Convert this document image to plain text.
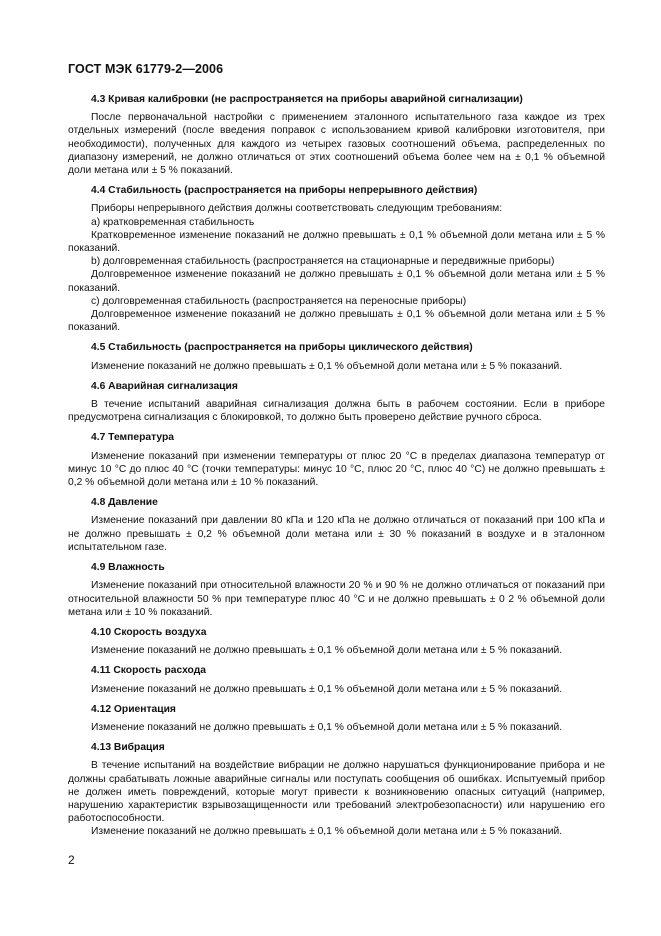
ГОСТ МЭК 61779-2—2006
4.3 Кривая калибровки (не распространяется на приборы аварийной сигнализации)
После первоначальной настройки с применением эталонного испытательного газа каждое из трех отдельных измерений (после введения поправок с использованием кривой калибровки изготовителя, при необходимости), полученных для каждого из четырех газовых соотношений объема, распределенных по диапазону измерений, не должно отличаться от этих соотношений объема более чем на ± 0,1 % объемной доли метана или ± 5 % показаний.
4.4 Стабильность (распространяется на приборы непрерывного действия)
Приборы непрерывного действия должны соответствовать следующим требованиям:
а) кратковременная стабильность
Кратковременное изменение показаний не должно превышать ± 0,1 % объемной доли метана или ± 5 % показаний.
b) долговременная стабильность (распространяется на стационарные и передвижные приборы)
Долговременное изменение показаний не должно превышать ± 0,1 % объемной доли метана или ± 5 % показаний.
c) долговременная стабильность (распространяется на переносные приборы)
Долговременное изменение показаний не должно превышать ± 0,1 % объемной доли метана или ± 5 % показаний.
4.5 Стабильность (распространяется на приборы циклического действия)
Изменение показаний не должно превышать ± 0,1 % объемной доли метана или ± 5 % показаний.
4.6 Аварийная сигнализация
В течение испытаний аварийная сигнализация должна быть в рабочем состоянии. Если в приборе предусмотрена сигнализация с блокировкой, то должно быть проверено действие ручного сброса.
4.7 Температура
Изменение показаний при изменении температуры от плюс 20 °С в пределах диапазона температур от минус 10 °С до плюс 40 °С (точки температуры: минус 10 °С, плюс 20 °С, плюс 40 °С) не должно превышать ± 0,2 % объемной доли метана или ± 10 % показаний.
4.8 Давление
Изменение показаний при давлении 80 кПа и 120 кПа не должно отличаться от показаний при 100 кПа и не должно превышать ± 0,2 % объемной доли метана или ± 30 % показаний в воздухе и в эталонном испытательном газе.
4.9 Влажность
Изменение показаний при относительной влажности 20 % и 90 % не должно отличаться от показаний при относительной влажности 50 % при температуре плюс 40 °С и не должно превышать ± 0 2 % объемной доли метана или ± 10 % показаний.
4.10 Скорость воздуха
Изменение показаний не должно превышать ± 0,1 % объемной доли метана или ± 5 % показаний.
4.11 Скорость расхода
Изменение показаний не должно превышать ± 0,1 % объемной доли метана или ± 5 % показаний.
4.12 Ориентация
Изменение показаний не должно превышать ± 0,1 % объемной доли метана или ± 5 % показаний.
4.13 Вибрация
В течение испытаний на воздействие вибрации не должно нарушаться функционирование прибора и не должны срабатывать ложные аварийные сигналы или поступать сообщения об ошибках. Испытуемый прибор не должен иметь повреждений, которые могут привести к возникновению опасных ситуаций (например, нарушению характеристик взрывозащищенности или требований электробезопасности) или нарушению его работоспособности.
Изменение показаний не должно превышать ± 0,1 % объемной доли метана или ± 5 % показаний.
2
